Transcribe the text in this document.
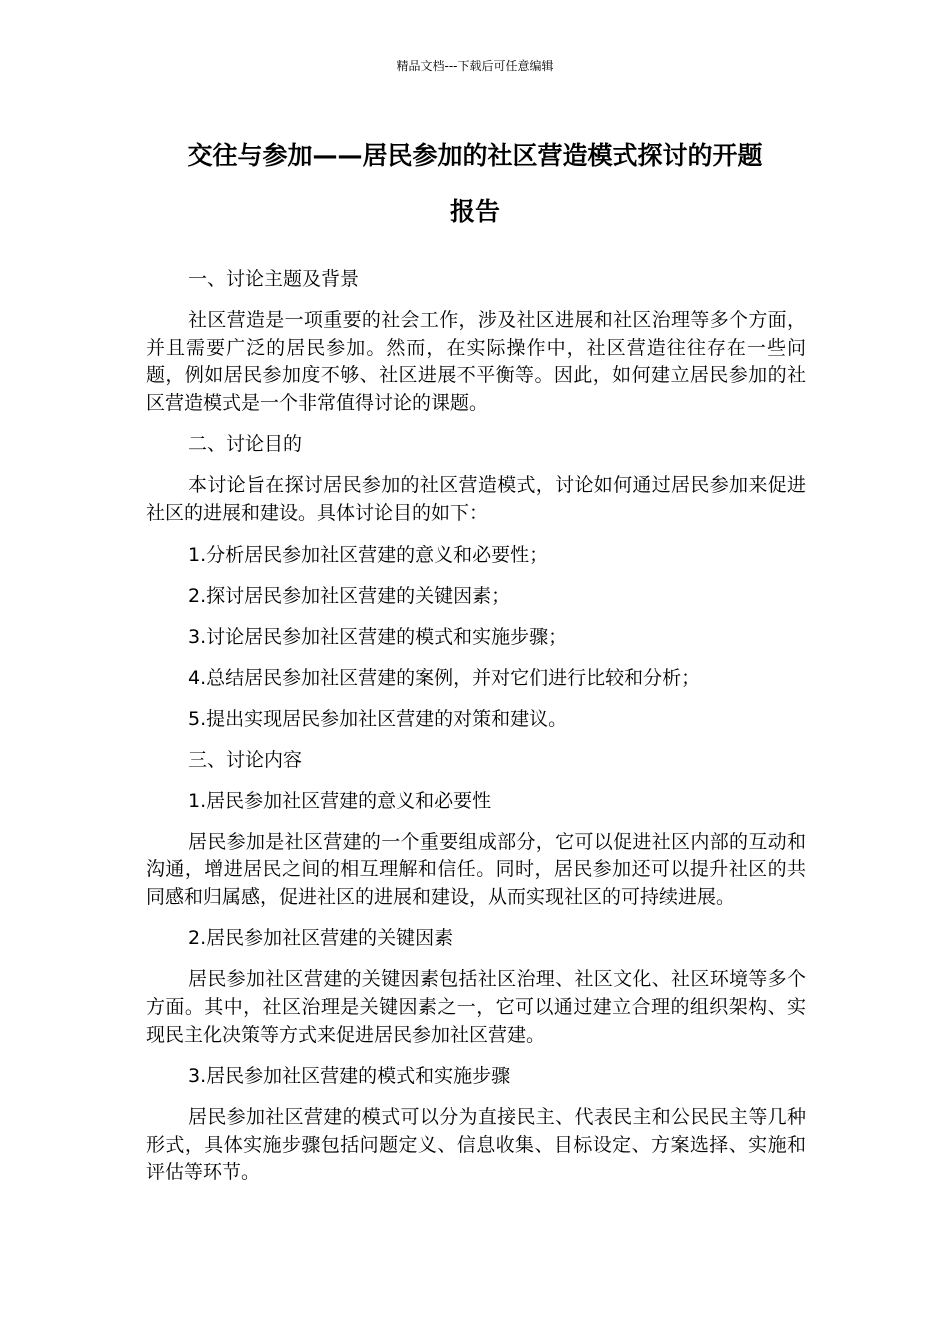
精品文档---下载后可任意编辑
交往与参加——居民参加的社区营造模式探讨的开题
报告

一、讨论主题及背景

社区营造是一项重要的社会工作，涉及社区进展和社区治理等多个方面，并且需要广泛的居民参加。然而，在实际操作中，社区营造往往存在一些问题，例如居民参加度不够、社区进展不平衡等。因此，如何建立居民参加的社区营造模式是一个非常值得讨论的课题。

二、讨论目的

本讨论旨在探讨居民参加的社区营造模式，讨论如何通过居民参加来促进社区的进展和建设。具体讨论目的如下：

1.分析居民参加社区营建的意义和必要性；

2.探讨居民参加社区营建的关键因素；

3.讨论居民参加社区营建的模式和实施步骤；

4.总结居民参加社区营建的案例，并对它们进行比较和分析；

5.提出实现居民参加社区营建的对策和建议。

三、讨论内容

1.居民参加社区营建的意义和必要性

居民参加是社区营建的一个重要组成部分，它可以促进社区内部的互动和沟通，增进居民之间的相互理解和信任。同时，居民参加还可以提升社区的共同感和归属感，促进社区的进展和建设，从而实现社区的可持续进展。

2.居民参加社区营建的关键因素

居民参加社区营建的关键因素包括社区治理、社区文化、社区环境等多个方面。其中，社区治理是关键因素之一，它可以通过建立合理的组织架构、实现民主化决策等方式来促进居民参加社区营建。

3.居民参加社区营建的模式和实施步骤

居民参加社区营建的模式可以分为直接民主、代表民主和公民民主等几种形式，具体实施步骤包括问题定义、信息收集、目标设定、方案选择、实施和评估等环节。
